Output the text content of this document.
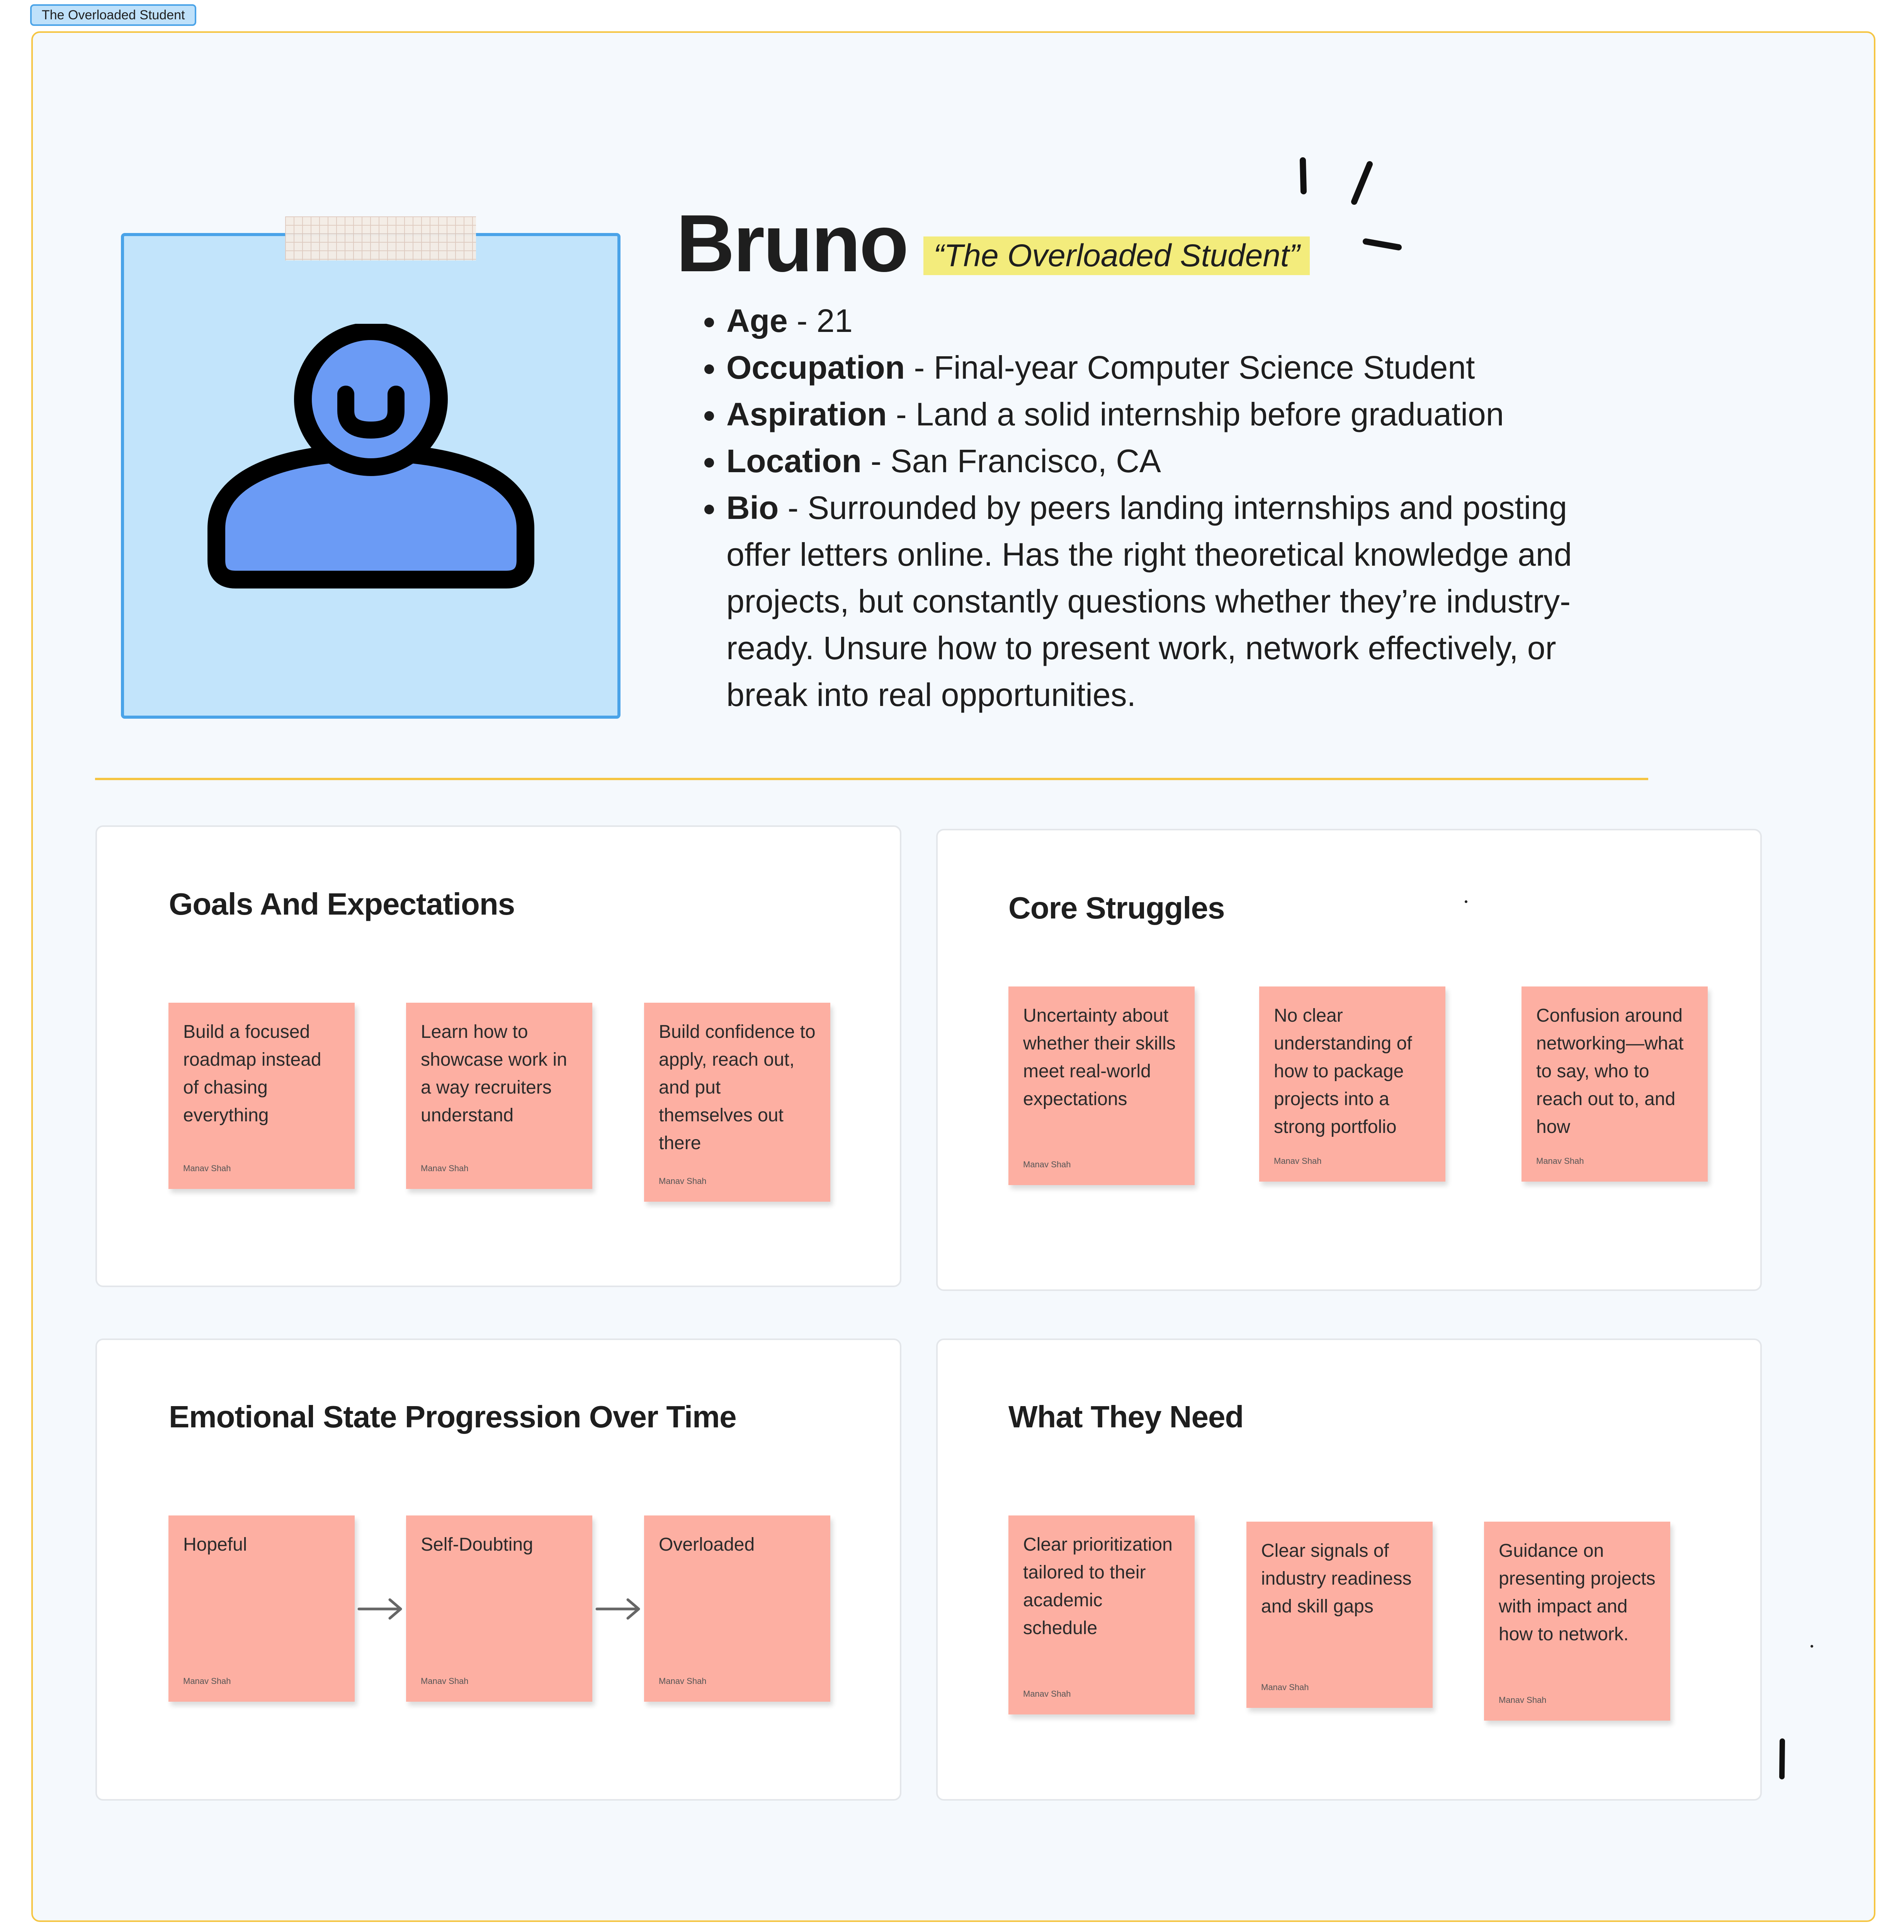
The Overloaded Student
Bruno “The Overloaded Student”
• Age - 21
• Occupation - Final-year Computer Science Student
• Aspiration - Land a solid internship before graduation
• Location - San Francisco, CA
• Bio - Surrounded by peers landing internships and posting offer letters online. Has the right theoretical knowledge and projects, but constantly questions whether they’re industry-ready. Unsure how to present work, network effectively, or break into real opportunities.
Goals And Expectations
Build a focused roadmap instead of chasing everything
Manav Shah
Learn how to showcase work in a way recruiters understand
Manav Shah
Build confidence to apply, reach out, and put themselves out there
Manav Shah
Core Struggles
Uncertainty about whether their skills meet real-world expectations
Manav Shah
No clear understanding of how to package projects into a strong portfolio
Manav Shah
Confusion around networking—what to say, who to reach out to, and how
Manav Shah
Emotional State Progression Over Time
Hopeful
Manav Shah
Self-Doubting
Manav Shah
Overloaded
Manav Shah
What They Need
Clear prioritization tailored to their academic schedule
Manav Shah
Clear signals of industry readiness and skill gaps
Manav Shah
Guidance on presenting projects with impact and how to network.
Manav Shah
